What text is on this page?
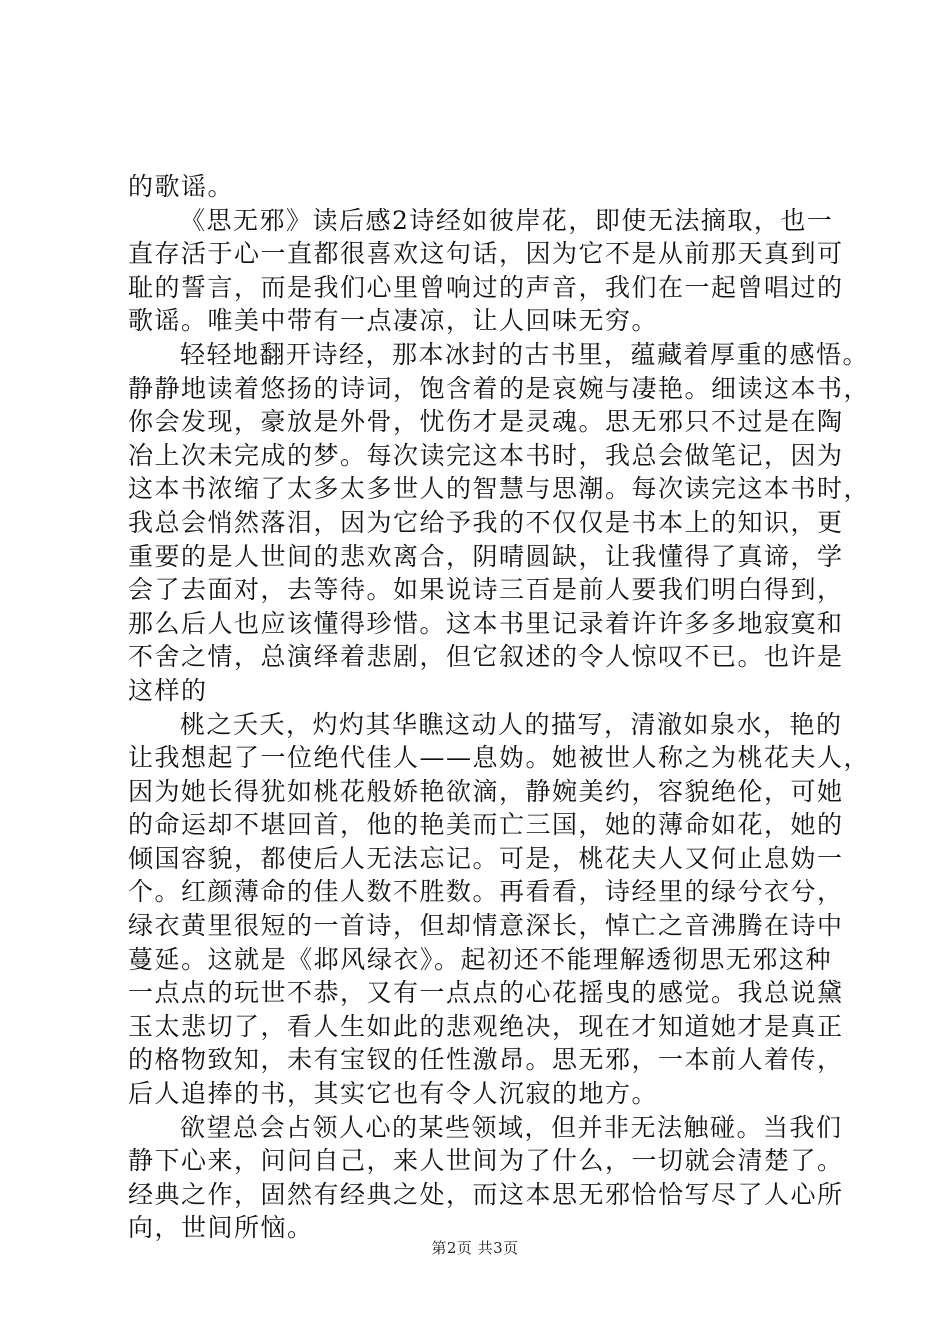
的歌谣。
《思无邪》读后感2诗经如彼岸花，即使无法摘取，也一
直存活于心一直都很喜欢这句话，因为它不是从前那天真到可
耻的誓言，而是我们心里曾响过的声音，我们在一起曾唱过的
歌谣。唯美中带有一点凄凉，让人回味无穷。
轻轻地翻开诗经，那本冰封的古书里，蕴藏着厚重的感悟。
静静地读着悠扬的诗词，饱含着的是哀婉与凄艳。细读这本书，
你会发现，豪放是外骨，忧伤才是灵魂。思无邪只不过是在陶
冶上次未完成的梦。每次读完这本书时，我总会做笔记，因为
这本书浓缩了太多太多世人的智慧与思潮。每次读完这本书时，
我总会悄然落泪，因为它给予我的不仅仅是书本上的知识，更
重要的是人世间的悲欢离合，阴晴圆缺，让我懂得了真谛，学
会了去面对，去等待。如果说诗三百是前人要我们明白得到，
那么后人也应该懂得珍惜。这本书里记录着许许多多地寂寞和
不舍之情，总演绎着悲剧，但它叙述的令人惊叹不已。也许是
这样的
桃之夭夭，灼灼其华瞧这动人的描写，清澈如泉水，艳的
让我想起了一位绝代佳人——息妫。她被世人称之为桃花夫人，
因为她长得犹如桃花般娇艳欲滴，静婉美约，容貌绝伦，可她
的命运却不堪回首，他的艳美而亡三国，她的薄命如花，她的
倾国容貌，都使后人无法忘记。可是，桃花夫人又何止息妫一
个。红颜薄命的佳人数不胜数。再看看，诗经里的绿兮衣兮，
绿衣黄里很短的一首诗，但却情意深长，悼亡之音沸腾在诗中
蔓延。这就是《邶风绿衣》。起初还不能理解透彻思无邪这种
一点点的玩世不恭，又有一点点的心花摇曳的感觉。我总说黛
玉太悲切了，看人生如此的悲观绝决，现在才知道她才是真正
的格物致知，未有宝钗的任性激昂。思无邪，一本前人着传，
后人追捧的书，其实它也有令人沉寂的地方。
欲望总会占领人心的某些领域，但并非无法触碰。当我们
静下心来，问问自己，来人世间为了什么，一切就会清楚了。
经典之作，固然有经典之处，而这本思无邪恰恰写尽了人心所
向，世间所恼。
第2页 共3页
